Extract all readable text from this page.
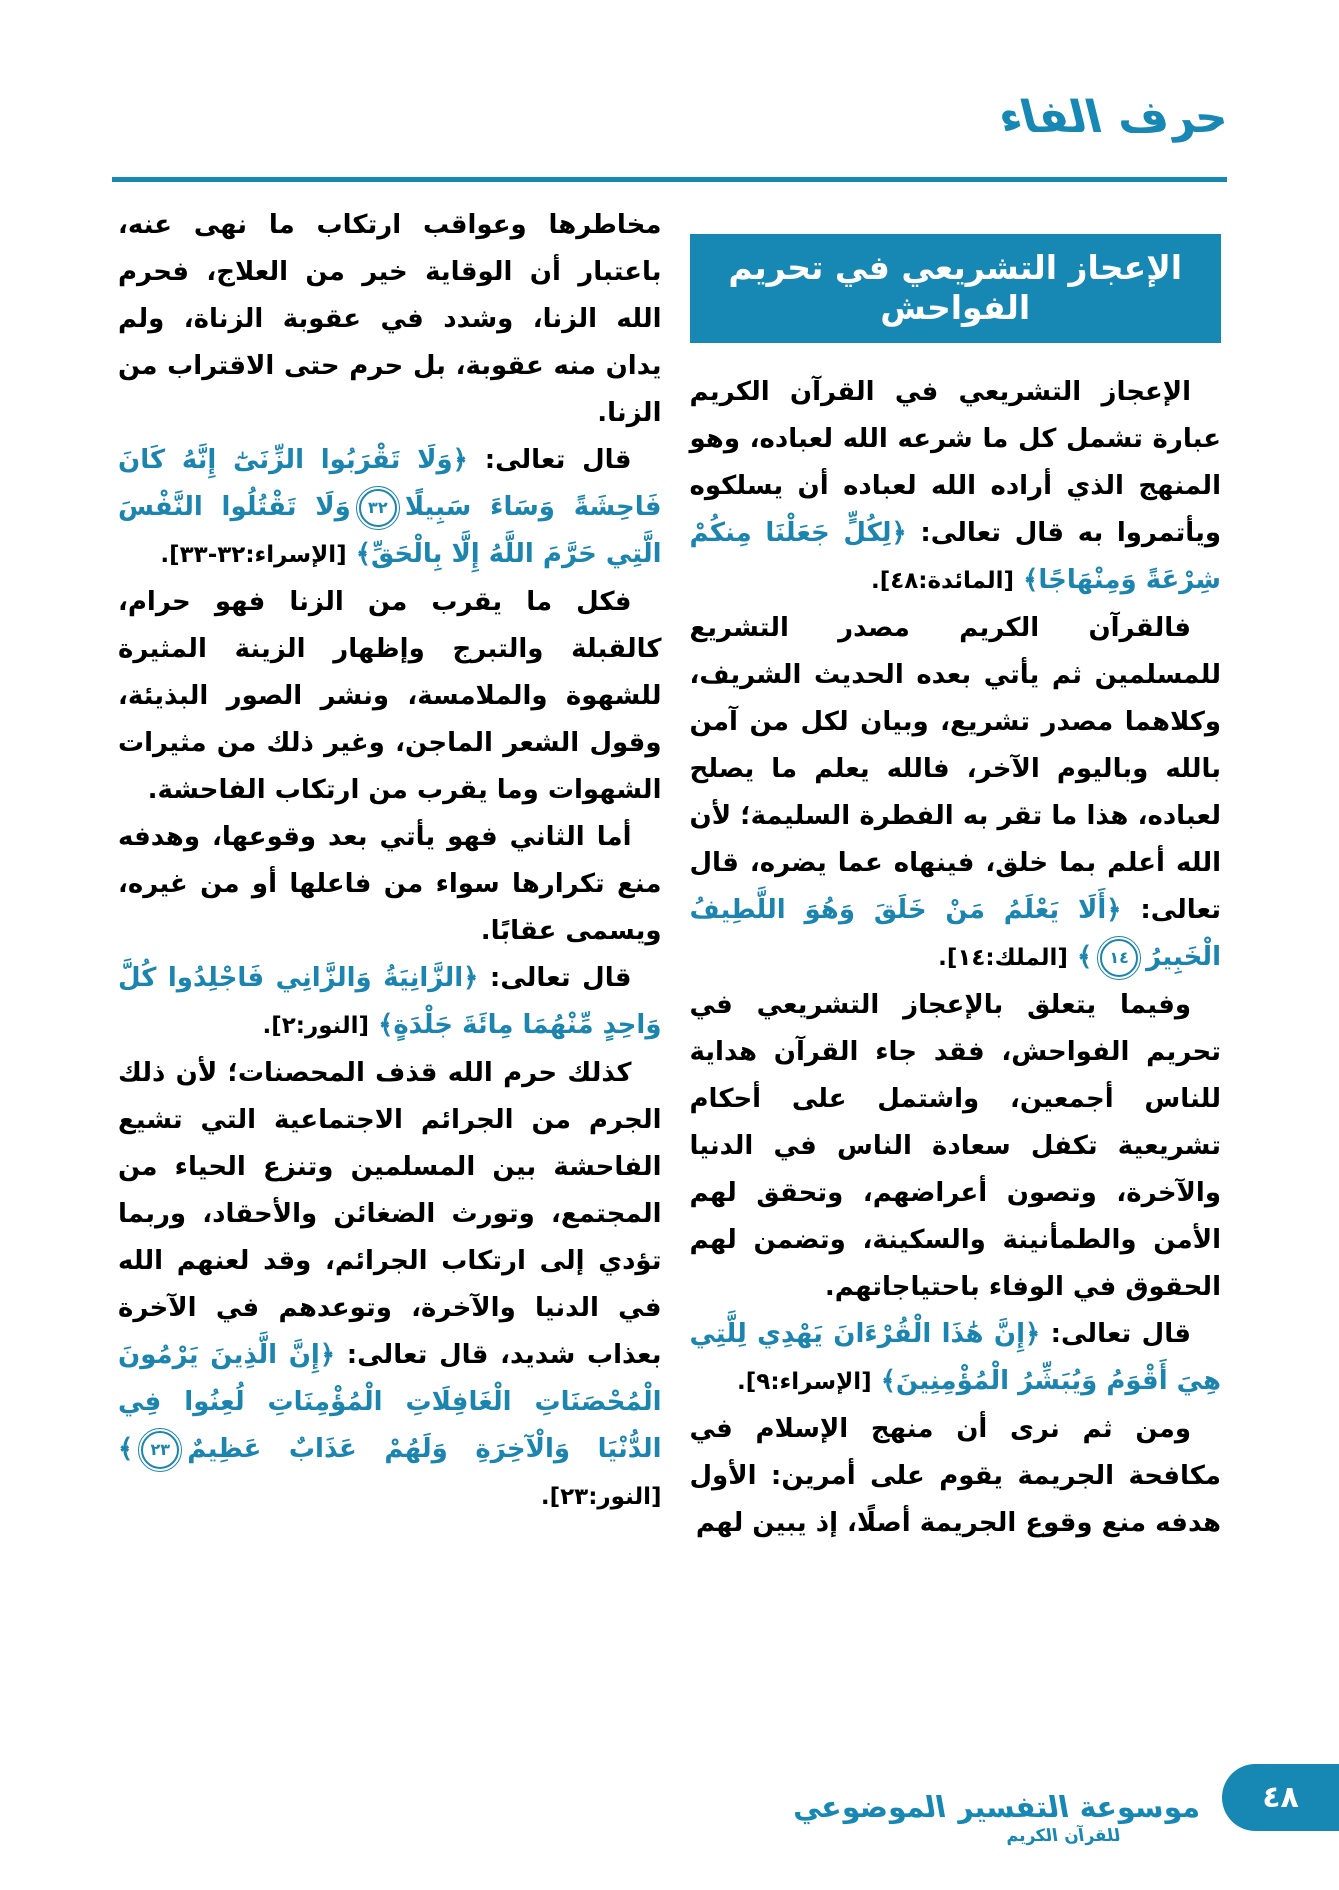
حرف الفاء
الإعجاز التشريعي في تحريم الفواحش

الإعجاز التشريعي في القرآن الكريم عبارة تشمل كل ما شرعه الله لعباده، وهو المنهج الذي أراده الله لعباده أن يسلكوه ويأتمروا به قال تعالى: ﴿لِكُلٍّ جَعَلْنَا مِنكُمْ شِرْعَةً وَمِنْهَاجًا﴾ [المائدة:٤٨].

فالقرآن الكريم مصدر التشريع للمسلمين ثم يأتي بعده الحديث الشريف، وكلاهما مصدر تشريع، وبيان لكل من آمن بالله وباليوم الآخر، فالله يعلم ما يصلح لعباده، هذا ما تقر به الفطرة السليمة؛ لأن الله أعلم بما خلق، فينهاه عما يضره، قال تعالى: ﴿أَلَا يَعْلَمُ مَنْ خَلَقَ وَهُوَ اللَّطِيفُ الْخَبِيرُ١٤﴾ [الملك:١٤].

وفيما يتعلق بالإعجاز التشريعي في تحريم الفواحش، فقد جاء القرآن هداية للناس أجمعين، واشتمل على أحكام تشريعية تكفل سعادة الناس في الدنيا والآخرة، وتصون أعراضهم، وتحقق لهم الأمن والطمأنينة والسكينة، وتضمن لهم الحقوق في الوفاء باحتياجاتهم.

قال تعالى: ﴿إِنَّ هَٰذَا الْقُرْءَانَ يَهْدِي لِلَّتِي هِيَ أَقْوَمُ وَيُبَشِّرُ الْمُؤْمِنِينَ﴾ [الإسراء:٩].

ومن ثم نرى أن منهج الإسلام في مكافحة الجريمة يقوم على أمرين: الأول هدفه منع وقوع الجريمة أصلًا، إذ يبين لهم

مخاطرها وعواقب ارتكاب ما نهى عنه، باعتبار أن الوقاية خير من العلاج، فحرم الله الزنا، وشدد في عقوبة الزناة، ولم يدان منه عقوبة، بل حرم حتى الاقتراب من الزنا.

قال تعالى: ﴿وَلَا تَقْرَبُوا الزِّنَىٰٓ إِنَّهُ كَانَ فَاحِشَةً وَسَاءَ سَبِيلًا٣٢وَلَا تَقْتُلُوا النَّفْسَ الَّتِي حَرَّمَ اللَّهُ إِلَّا بِالْحَقِّ﴾ [الإسراء:٣٢-٣٣].

فكل ما يقرب من الزنا فهو حرام، كالقبلة والتبرج وإظهار الزينة المثيرة للشهوة والملامسة، ونشر الصور البذيئة، وقول الشعر الماجن، وغير ذلك من مثيرات الشهوات وما يقرب من ارتكاب الفاحشة.

أما الثاني فهو يأتي بعد وقوعها، وهدفه منع تكرارها سواء من فاعلها أو من غيره، ويسمى عقابًا.

قال تعالى: ﴿الزَّانِيَةُ وَالزَّانِي فَاجْلِدُوا كُلَّ وَاحِدٍ مِّنْهُمَا مِائَةَ جَلْدَةٍ﴾ [النور:٢].

كذلك حرم الله قذف المحصنات؛ لأن ذلك الجرم من الجرائم الاجتماعية التي تشيع الفاحشة بين المسلمين وتنزع الحياء من المجتمع، وتورث الضغائن والأحقاد، وربما تؤدي إلى ارتكاب الجرائم، وقد لعنهم الله في الدنيا والآخرة، وتوعدهم في الآخرة بعذاب شديد، قال تعالى: ﴿إِنَّ الَّذِينَ يَرْمُونَ الْمُحْصَنَاتِ الْغَافِلَاتِ الْمُؤْمِنَاتِ لُعِنُوا فِي الدُّنْيَا وَالْآخِرَةِ وَلَهُمْ عَذَابٌ عَظِيمٌ٢٣﴾ [النور:٢٣].

موسوعة التفسير الموضوعي
للقرآن الكريم
٤٨
